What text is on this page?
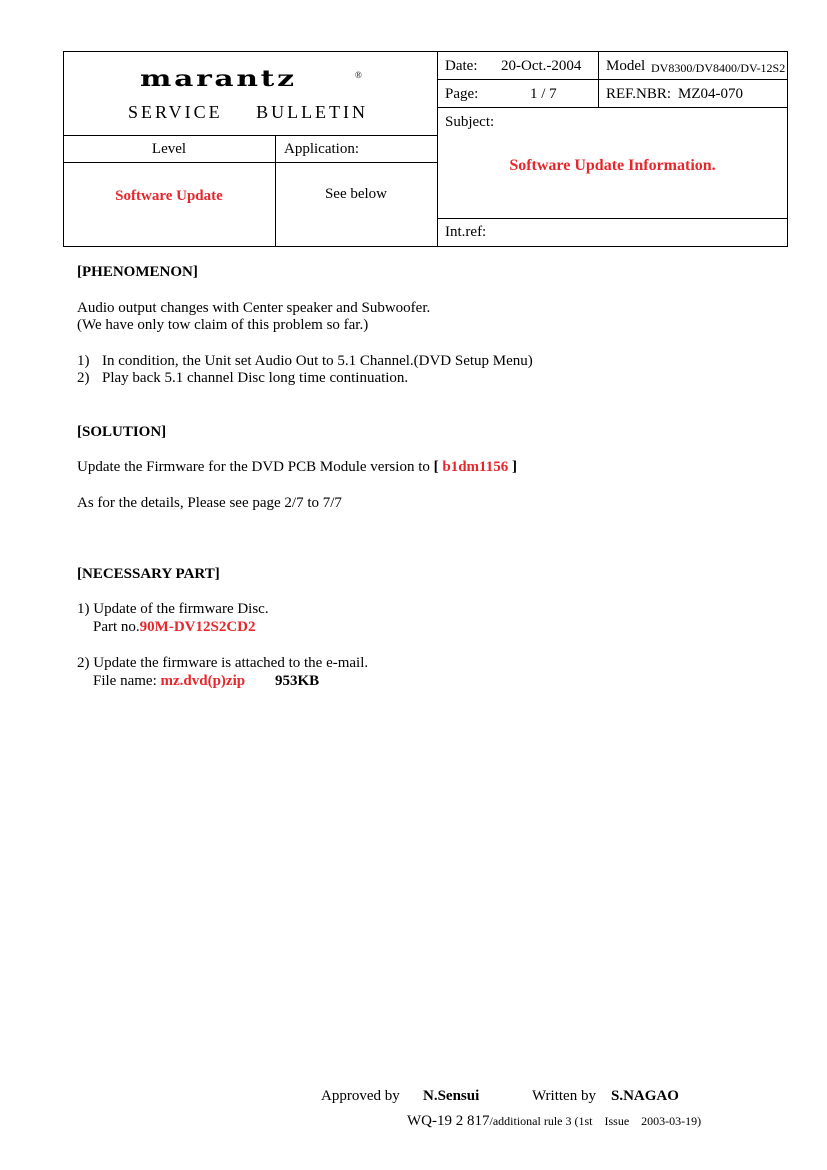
marantz	®
SERVICE BULLETIN
Date: 20-Oct.-2004 Model DV8300/DV8400/DV-12S2
Page:	1 / 7	REF.NBR: MZ04-070
Subject:
Software Update Information.
Level	Application:
Software Update	See below
Int.ref:
[PHENOMENON]
Audio output changes with Center speaker and Subwoofer.
(We have only tow claim of this problem so far.)
1) In condition, the Unit set Audio Out to 5.1 Channel.(DVD Setup Menu)
2) Play back 5.1 channel Disc long time continuation.
[SOLUTION]
Update the Firmware for the DVD PCB Module version to [ b1dm1156 ]
As for the details, Please see page 2/7 to 7/7
[NECESSARY PART]
1) Update of the firmware Disc.
Part no.90M-DV12S2CD2
2) Update the firmware is attached to the e-mail.
File name: mz.dvd(p)zip 953KB
Approved by N.Sensui	Written by S.NAGAO
WQ-19 2 817/additional rule 3 (1st    Issue    2003-03-19)
